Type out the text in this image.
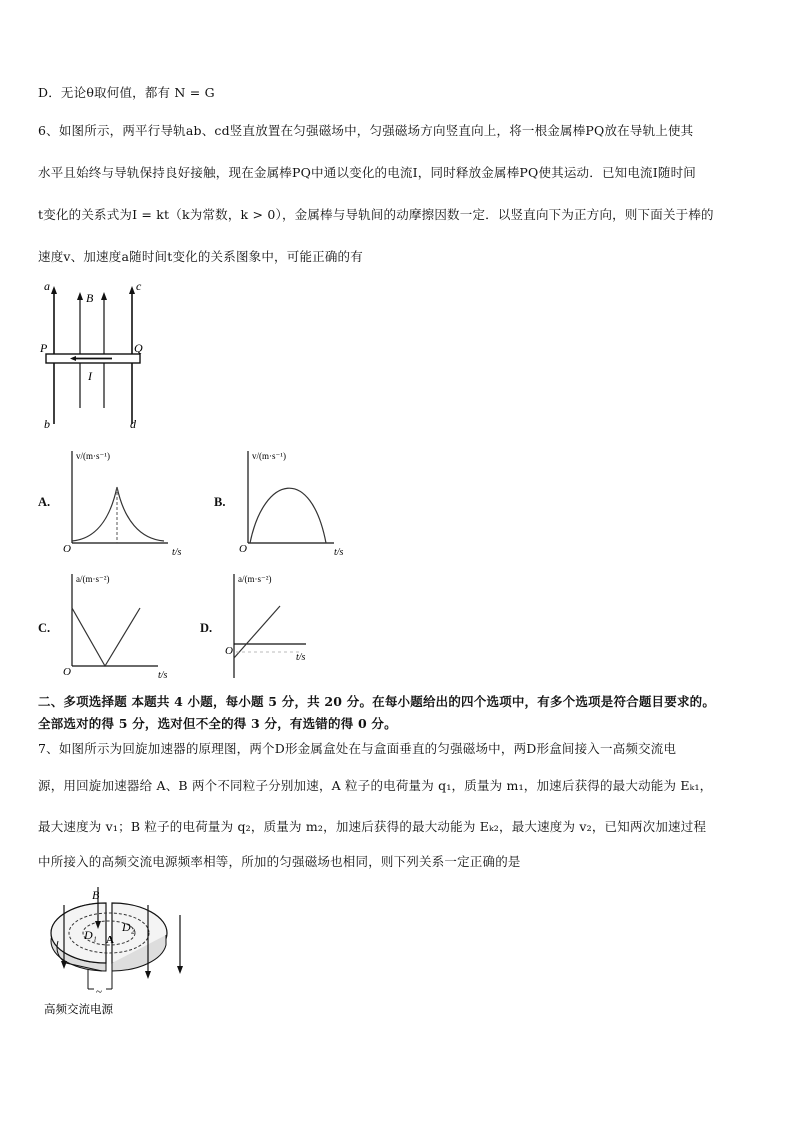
D．无论θ取何值，都有 N = G
6、如图所示，两平行导轨ab、cd竖直放置在匀强磁场中，匀强磁场方向竖直向上，将一根金属棒PQ放在导轨上使其
水平且始终与导轨保持良好接触，现在金属棒PQ中通以变化的电流I，同时释放金属棒PQ使其运动．已知电流I随时间
t变化的关系式为I = kt（k为常数，k > 0），金属棒与导轨间的动摩擦因数一定．以竖直向下为正方向，则下面关于棒的
速度v、加速度a随时间t变化的关系图象中，可能正确的有
a	c
B
P	Q
I
b	d
A.
v/(m·s⁻¹)
O	t/s
B.
v/(m·s⁻¹)
O	t/s
C.
a/(m·s⁻²)
O	t/s
D.
a/(m·s⁻²)
O
t/s
二、多项选择题 本题共 4 小题，每小题 5 分，共 20 分。在每小题给出的四个选项中，有多个选项是符合题目要求的。
全部选对的得 5 分，选对但不全的得 3 分，有选错的得 0 分。
7、如图所示为回旋加速器的原理图，两个D形金属盒处在与盒面垂直的匀强磁场中，两D形盒间接入一高频交流电
源，用回旋加速器给 A、B 两个不同粒子分别加速，A 粒子的电荷量为 q₁，质量为 m₁，加速后获得的最大动能为 Eₖ₁，
最大速度为 v₁；B 粒子的电荷量为 q₂，质量为 m₂，加速后获得的最大动能为 Eₖ₂，最大速度为 v₂，已知两次加速过程
中所接入的高频交流电源频率相等，所加的匀强磁场也相同，则下列关系一定正确的是
B
D₁
D₂
A
~
高频交流电源
